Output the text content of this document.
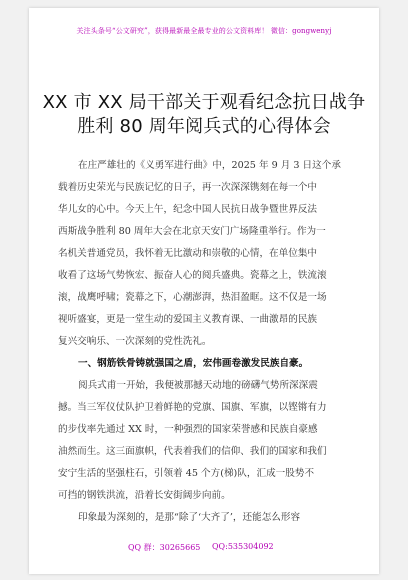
关注头条号“公文研究”，获得最新最全最专业的公文资料库！ 微信：gongwenyj
XX 市 XX 局干部关于观看纪念抗日战争
胜利 80 周年阅兵式的心得体会
在庄严雄壮的《义勇军进行曲》中，2025 年 9 月 3 日这个承
载着历史荣光与民族记忆的日子，再一次深深镌刻在每一个中
华儿女的心中。今天上午，纪念中国人民抗日战争暨世界反法
西斯战争胜利 80 周年大会在北京天安门广场隆重举行。作为一
名机关普通党员，我怀着无比激动和崇敬的心情，在单位集中
收看了这场气势恢宏、振奋人心的阅兵盛典。瓷幕之上，铁流滚
滚，战鹰呼啸；瓷幕之下，心潮澎湃，热泪盈眶。这不仅是一场
视听盛宴，更是一堂生动的爱国主义教育课、一曲激昂的民族
复兴交响乐、一次深刻的党性洗礼。
一、钢筋铁骨铸就强国之盾，宏伟画卷激发民族自豪。
阅兵式甫一开始，我便被那撼天动地的磅礴气势所深深震
撼。当三军仪仗队护卫着鲜艳的党旗、国旗、军旗，以铿锵有力
的步伐率先通过 XX 时，一种强烈的国家荣誉感和民族自豪感
油然而生。这三面旗帜，代表着我们的信仰、我们的国家和我们
安宁生活的坚强柱石，引领着 45 个方(梯)队，汇成一股势不
可挡的钢铁洪流，沿着长安街阔步向前。
印象最为深刻的，是那“除了‘大齐了’，还能怎么形容
QQ 群：30265665 QQ:535304092
